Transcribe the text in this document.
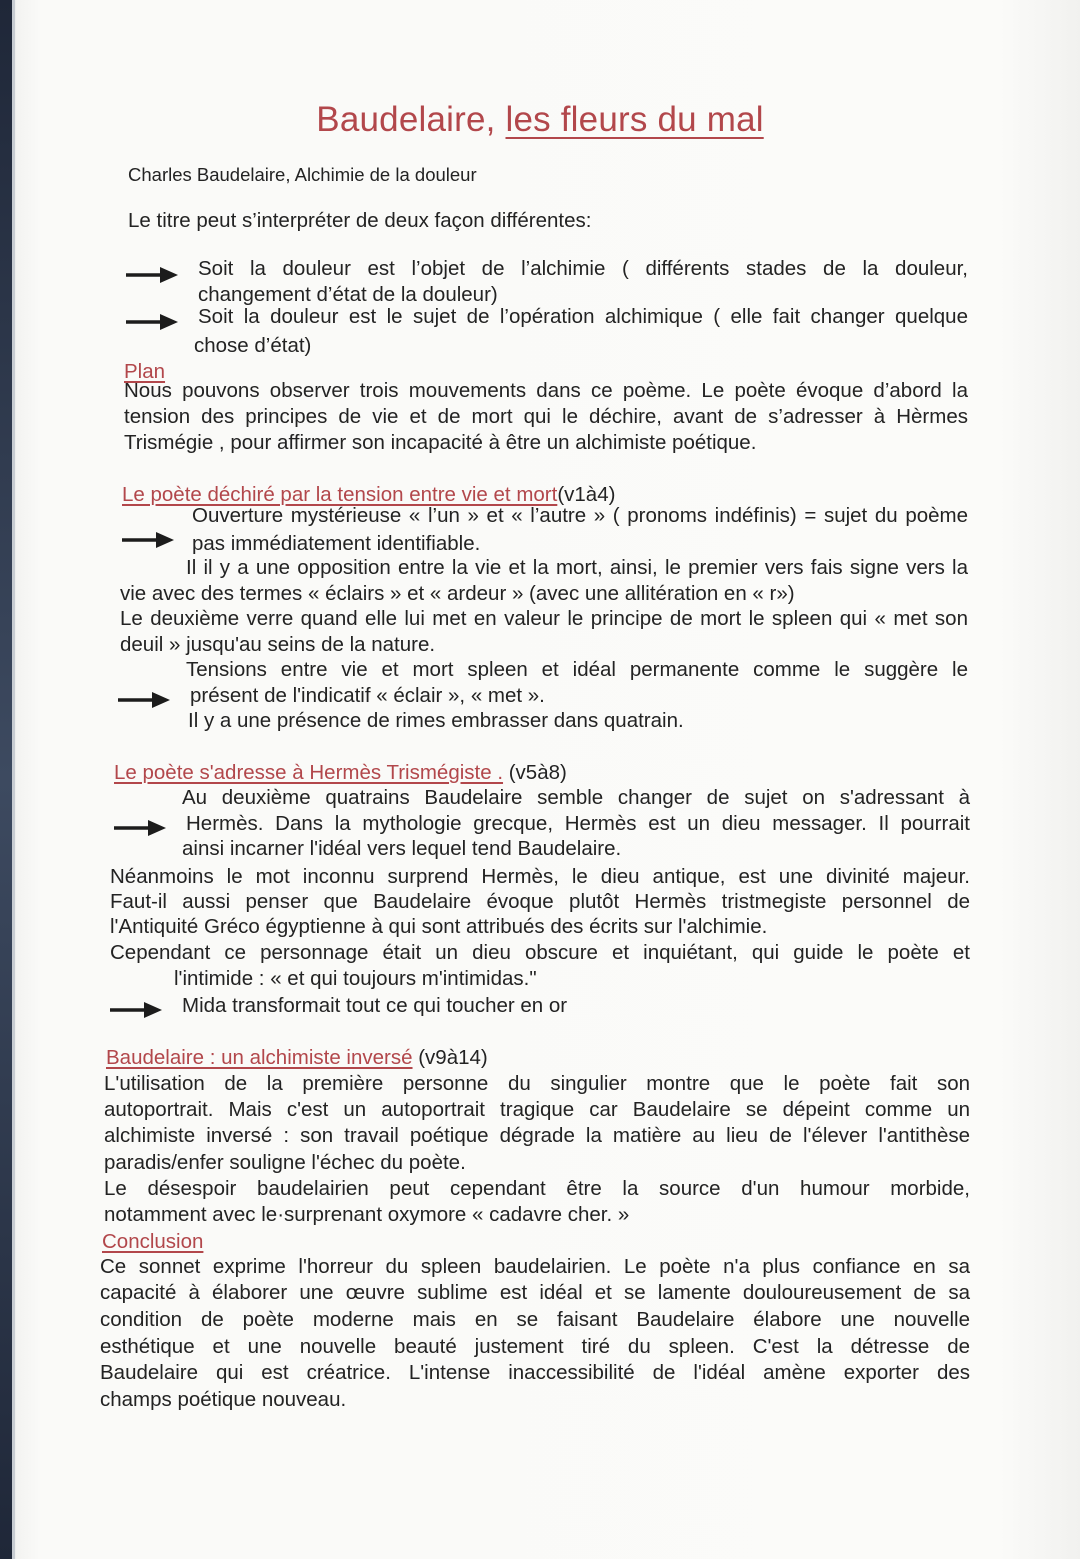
Baudelaire, les fleurs du mal
Charles Baudelaire, Alchimie de la douleur
Le titre peut s’interpréter de deux façon différentes:
Soit la douleur est l’objet de l’alchimie ( différents stades de la douleur,
changement d’état de la douleur)
Soit la douleur est le sujet de l’opération alchimique ( elle fait changer quelque
chose d’état)
Plan
Nous pouvons observer trois mouvements dans ce poème. Le poète évoque d’abord la
tension des principes de vie et de mort qui le déchire, avant de s’adresser à Hèrmes
Trismégie , pour affirmer son incapacité à être un alchimiste poétique.
Le poète déchiré par la tension entre vie et mort(v1à4)
Ouverture mystérieuse « l’un » et « l’autre » ( pronoms indéfinis) = sujet du poème
pas immédiatement identifiable.
Il il y a une opposition entre la vie et la mort, ainsi, le premier vers fais signe vers la
vie avec des termes « éclairs » et « ardeur » (avec une allitération en « r»)
Le deuxième verre quand elle lui met en valeur le principe de mort le spleen qui « met son
deuil » jusqu'au seins de la nature.
Tensions entre vie et mort spleen et idéal permanente comme le suggère le
présent de l'indicatif « éclair », « met ».
Il y a une présence de rimes embrasser dans quatrain.
Le poète s'adresse à Hermès Trismégiste . (v5à8)
Au deuxième quatrains Baudelaire semble changer de sujet on s'adressant à
Hermès. Dans la mythologie grecque, Hermès est un dieu messager. Il pourrait
ainsi incarner l'idéal vers lequel tend Baudelaire.
Néanmoins le mot inconnu surprend Hermès, le dieu antique, est une divinité majeur.
Faut-il aussi penser que Baudelaire évoque plutôt Hermès tristmegiste personnel de
l'Antiquité Gréco égyptienne à qui sont attribués des écrits sur l'alchimie.
Cependant ce personnage était un dieu obscure et inquiétant, qui guide le poète et
l'intimide : « et qui toujours m'intimidas."
Mida transformait tout ce qui toucher en or
Baudelaire : un alchimiste inversé (v9à14)
L'utilisation de la première personne du singulier montre que le poète fait son
autoportrait. Mais c'est un autoportrait tragique car Baudelaire se dépeint comme un
alchimiste inversé : son travail poétique dégrade la matière au lieu de l'élever l'antithèse
paradis/enfer souligne l'échec du poète.
Le désespoir baudelairien peut cependant être la source d'un humour morbide,
notamment avec le·surprenant oxymore « cadavre cher. »
Conclusion
Ce sonnet exprime l'horreur du spleen baudelairien. Le poète n'a plus confiance en sa
capacité à élaborer une œuvre sublime est idéal et se lamente douloureusement de sa
condition de poète moderne mais en se faisant Baudelaire élabore une nouvelle
esthétique et une nouvelle beauté justement tiré du spleen. C'est la détresse de
Baudelaire qui est créatrice. L'intense inaccessibilité de l'idéal amène exporter des
champs poétique nouveau.
